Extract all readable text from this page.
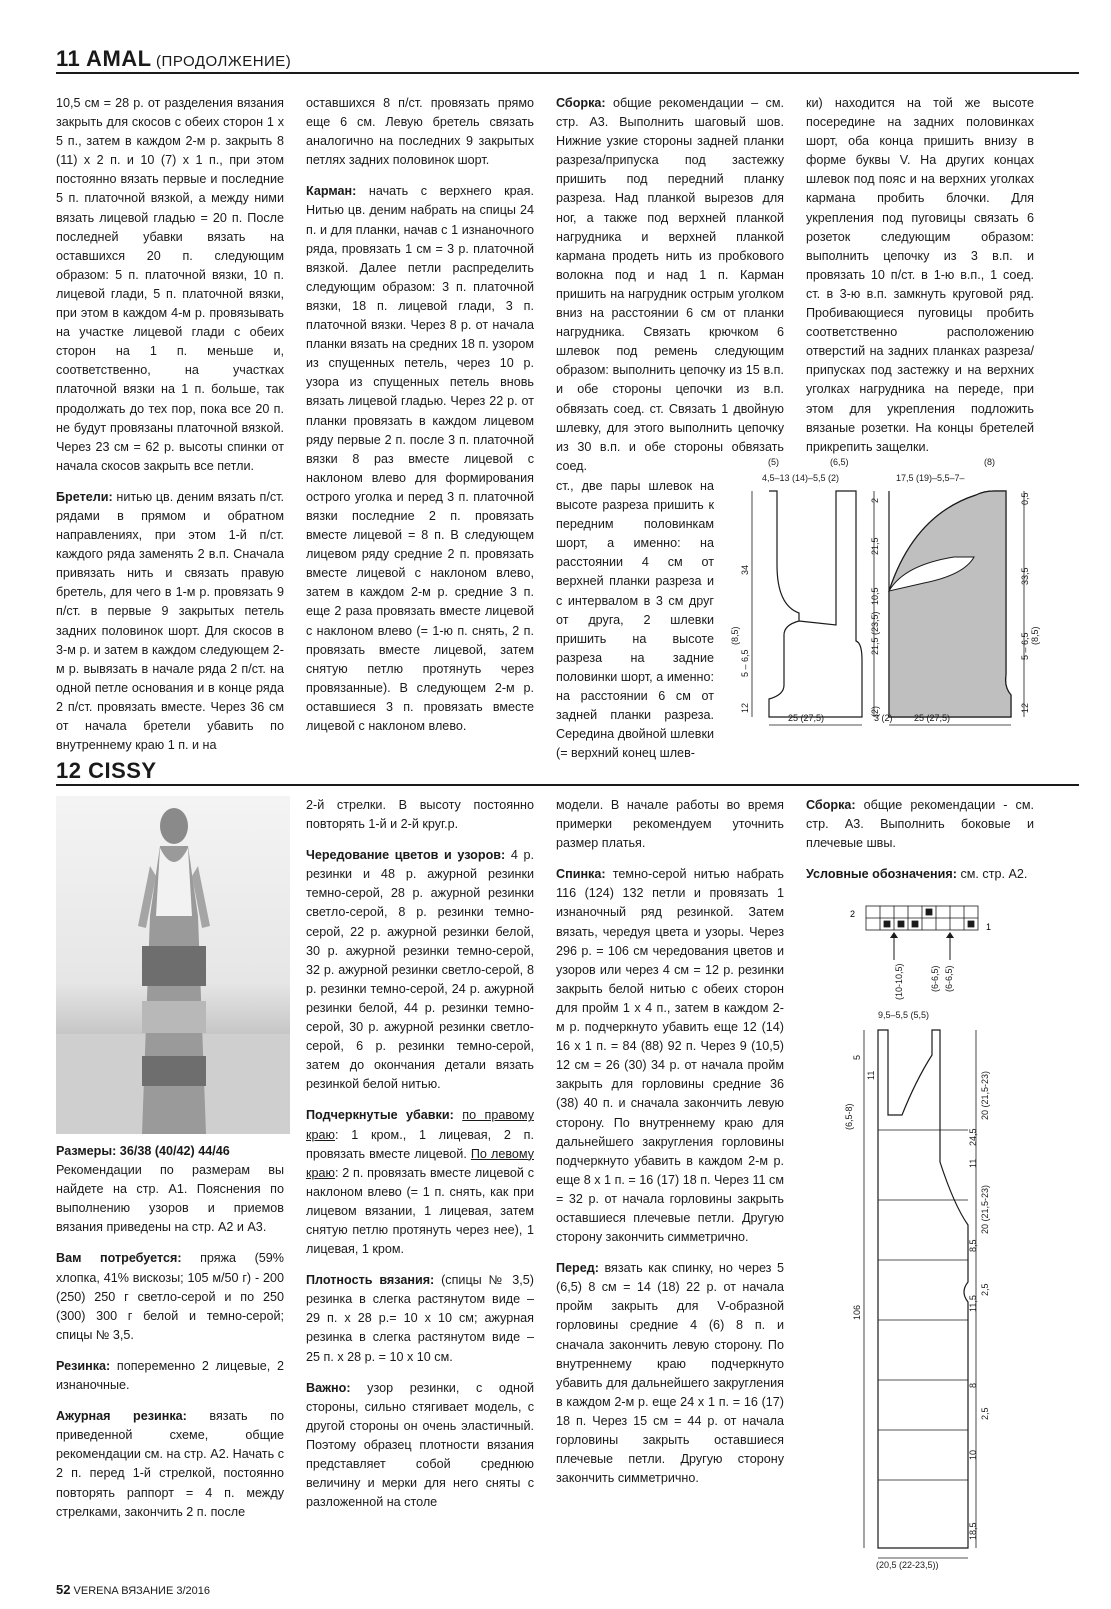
11 AMAL (ПРОДОЛЖЕНИЕ)

10,5 см = 28 р. от разделения вязания закрыть для скосов с обеих сторон 1 х 5 п., затем в каждом 2-м р. закрыть 8 (11) х 2 п. и 10 (7) х 1 п., при этом постоянно вязать первые и последние 5 п. платочной вязкой, а между ними вязать лицевой гладью = 20 п. После последней убавки вязать на оставшихся 20 п. следующим образом: 5 п. платочной вязки, 10 п. лицевой глади, 5 п. платочной вязки, при этом в каждом 4-м р. провязывать на участке лицевой глади с обеих сторон на 1 п. меньше и, соответственно, на участках платочной вязки на 1 п. больше, так продолжать до тех пор, пока все 20 п. не будут провязаны платочной вязкой. Через 23 см = 62 р. высоты спинки от начала скосов закрыть все петли.

Бретели: нитью цв. деним вязать п/ст. рядами в прямом и обратном направлениях, при этом 1-й п/ст. каждого ряда заменять 2 в.п. Сначала привязать нить и связать правую бретель, для чего в 1-м р. провязать 9 п/ст. в первые 9 закрытых петель задних половинок шорт. Для скосов в 3-м р. и затем в каждом следующем 2-м р. вывязать в начале ряда 2 п/ст. на одной петле основания и в конце ряда 2 п/ст. провязать вместе. Через 36 см от начала бретели убавить по внутреннему краю 1 п. и на

оставшихся 8 п/ст. провязать прямо еще 6 см. Левую бретель связать аналогично на последних 9 закрытых петлях задних половинок шорт.

Карман: начать с верхнего края. Нитью цв. деним набрать на спицы 24 п. и для планки, начав с 1 изнаночного ряда, провязать 1 см = 3 р. платочной вязкой. Далее петли распределить следующим образом: 3 п. платочной вязки, 18 п. лицевой глади, 3 п. платочной вязки. Через 8 р. от начала планки вязать на средних 18 п. узором из спущенных петель, через 10 р. узора из спущенных петель вновь вязать лицевой гладью. Через 22 р. от планки провязать в каждом лицевом ряду первые 2 п. после 3 п. платочной вязки 8 раз вместе лицевой с наклоном влево для формирования острого уголка и перед 3 п. платочной вязки последние 2 п. провязать вместе лицевой = 8 п. В следующем лицевом ряду средние 2 п. провязать вместе лицевой с наклоном влево, затем в каждом 2-м р. средние 3 п. еще 2 раза провязать вместе лицевой с наклоном влево (= 1-ю п. снять, 2 п. провязать вместе лицевой, затем снятую петлю протянуть через провязанные). В следующем 2-м р. оставшиеся 3 п. провязать вместе лицевой с наклоном влево.

Сборка: общие рекомендации – см. стр. А3. Выполнить шаговый шов. Нижние узкие стороны задней планки разреза/припуска под застежку пришить под передний планку разреза. Над планкой вырезов для ног, а также под верхней планкой нагрудника и верхней планкой кармана продеть нить из пробкового волокна под и над 1 п. Карман пришить на нагрудник острым уголком вниз на расстоянии 6 см от планки нагрудника. Связать крючком 6 шлевок под ремень следующим образом: выполнить цепочку из 15 в.п. и обе стороны цепочки из в.п. обвязать соед. ст. Связать 1 двойную шлевку, для этого выполнить цепочку из 30 в.п. и обе стороны обвязать соед.

ст., две пары шлевок на высоте разреза пришить к передним половинкам шорт, а именно: на расстоянии 4 см от верхней планки разреза и с интервалом в 3 см друг от друга, 2 шлевки пришить на высоте разреза на задние половинки шорт, а именно: на расстоянии 6 см от задней планки разреза. Середина двойной шлевки (= верхний конец шлев-

ки) находится на той же высоте посередине на задних половинках шорт, оба конца пришить внизу в форме буквы V. На других концах шлевок под пояс и на верхних уголках кармана пробить блочки. Для укрепления под пуговицы связать 6 розеток следующим образом: выполнить цепочку из 3 в.п. и провязать 10 п/ст. в 1-ю в.п., 1 соед. ст. в 3-ю в.п. замкнуть круговой ряд. Пробивающиеся пуговицы пробить соответственно расположению отверстий на задних планках разреза/припусках под застежку и на верхних уголках нагрудника на переде, при этом для укрепления подложить вязаные розетки. На концы бретелей прикрепить защелки.

(5)	(6,5)
4,5–13 (14)–5,5 (2)
(8)
17,5 (19)–5,5–7–
34
(8,5)
5 – 6,5
12
2
21,5
10,5
21,5 (23,5)
(2)
0,5
33,5
5 – 6,5 (8,5)
12
25 (27,5)	3 (2) 25 (27,5)
12 CISSY

Размеры: 36/38 (40/42) 44/46

Рекомендации по размерам вы найдете на стр. А1. Пояснения по выполнению узоров и приемов вязания приведены на стр. А2 и А3.

Вам потребуется: пряжа (59% хлопка, 41% вискозы; 105 м/50 г) - 200 (250) 250 г светло-серой и по 250 (300) 300 г белой и темно-серой; спицы № 3,5.

Резинка: попеременно 2 лицевые, 2 изнаночные.

Ажурная резинка: вязать по приведенной схеме, общие рекомендации см. на стр. А2. Начать с 2 п. перед 1-й стрелкой, постоянно повторять раппорт = 4 п. между стрелками, закончить 2 п. после

2-й стрелки. В высоту постоянно повторять 1-й и 2-й круг.р.

Чередование цветов и узоров: 4 р. резинки и 48 р. ажурной резинки темно-серой, 28 р. ажурной резинки светло-серой, 8 р. резинки темно-серой, 22 р. ажурной резинки белой, 30 р. ажурной резинки темно-серой, 32 р. ажурной резинки светло-серой, 8 р. резинки темно-серой, 24 р. ажурной резинки белой, 44 р. резинки темно-серой, 30 р. ажурной резинки светло-серой, 6 р. резинки темно-серой, затем до окончания детали вязать резинкой белой нитью.

Подчеркнутые убавки: по правому краю: 1 кром., 1 лицевая, 2 п. провязать вместе лицевой. По левому краю: 2 п. провязать вместе лицевой с наклоном влево (= 1 п. снять, как при лицевом вязании, 1 лицевая, затем снятую петлю протянуть через нее), 1 лицевая, 1 кром.

Плотность вязания: (спицы № 3,5) резинка в слегка растянутом виде – 29 п. х 28 р.= 10 х 10 см; ажурная резинка в слегка растянутом виде – 25 п. х 28 р. = 10 х 10 см.

Важно: узор резинки, с одной стороны, сильно стягивает модель, с другой стороны он очень эластичный. Поэтому образец плотности вязания представляет собой среднюю величину и мерки для него сняты с разложенной на столе

модели. В начале работы во время примерки рекомендуем уточнить размер платья.

Спинка: темно-серой нитью набрать 116 (124) 132 петли и провязать 1 изнаночный ряд резинкой. Затем вязать, чередуя цвета и узоры. Через 296 р. = 106 см чередования цветов и узоров или через 4 см = 12 р. резинки закрыть белой нитью с обеих сторон для пройм 1 х 4 п., затем в каждом 2-м р. подчеркнуто убавить еще 12 (14) 16 х 1 п. = 84 (88) 92 п. Через 9 (10,5) 12 см = 26 (30) 34 р. от начала пройм закрыть для горловины средние 36 (38) 40 п. и сначала закончить левую сторону. По внутреннему краю для дальнейшего закругления горловины подчеркнуто убавить в каждом 2-м р. еще 8 х 1 п. = 16 (17) 18 п. Через 11 см = 32 р. от начала горловины закрыть оставшиеся плечевые петли. Другую сторону закончить симметрично.

Перед: вязать как спинку, но через 5 (6,5) 8 см = 14 (18) 22 р. от начала пройм закрыть для V-образной горловины средние 4 (6) 8 п. и сначала закончить левую сторону. По внутреннему краю подчеркнуто убавить для дальнейшего закругления в каждом 2-м р. еще 24 х 1 п. = 16 (17) 18 п. Через 15 см = 44 р. от начала горловины закрыть оставшиеся плечевые петли. Другую сторону закончить симметрично.

Сборка: общие рекомендации - см. стр. А3. Выполнить боковые и плечевые швы.

Условные обозначения: см. стр. А2.

2
1
(10-10,5)	(6-6,5) (6-6,5)
9,5–5,5 (5,5)
(6,5-8)
5
106
11
11
11,5
8
10
18,5
20 (21,5-23)
24,5
20 (21,5-23)
8,5
2,5
2,5
(20,5 (22-23,5))
52 VERENA ВЯЗАНИЕ 3/2016
